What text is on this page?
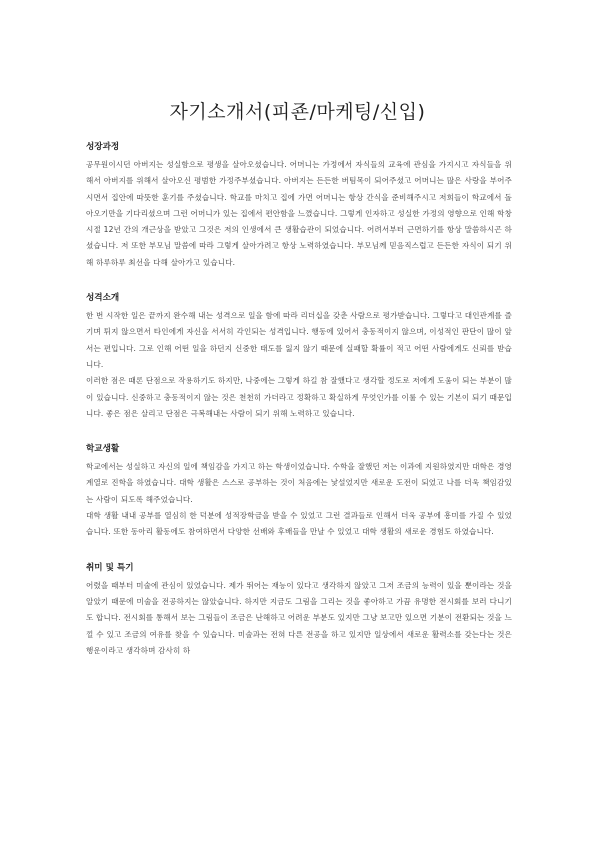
자기소개서(피죤/마케팅/신입)
성장과정

공무원이시던 아버지는 성실함으로 평생을 살아오셨습니다. 어머니는 가정에서 자식들의 교육에 관심을 가지시고 자식들을 위해서 아버지를 위해서 살아오신 평범한 가정주부셨습니다. 아버지는 든든한 버팀목이 되어주셨고 어머니는 많은 사랑을 부어주시면서 집안에 따뜻한 훈기를 주셨습니다. 학교를 마치고 집에 가면 어머니는 항상 간식을 준비해주시고 저희들이 학교에서 돌아오기만을 기다리셨으며 그런 어머니가 있는 집에서 편안함을 느꼈습니다. 그렇게 인자하고 성실한 가정의 영향으로 인해 학창시절 12년 간의 개근상을 받았고 그것은 저의 인생에서 큰 생활습관이 되었습니다. 어려서부터 근면하기를 항상 말씀하시곤 하셨습니다. 저 또한 부모님 말씀에 따라 그렇게 살아가려고 항상 노력하였습니다. 부모님께 믿음직스럽고 든든한 자식이 되기 위해 하루하루 최선을 다해 살아가고 있습니다.

성격소개

한 번 시작한 일은 끝까지 완수해 내는 성격으로 일을 함에 따라 리더십을 갖춘 사람으로 평가받습니다. 그렇다고 대인관계를 즐기며 튀지 않으면서 타인에게 자신을 서서히 각인되는 성격입니다. 행동에 있어서 충동적이지 않으며, 이성적인 판단이 많이 앞서는 편입니다. 그로 인해 어떤 일을 하던지 신중한 태도를 잃지 않기 때문에 실패할 확률이 적고 어떤 사람에게도 신뢰를 받습니다.

이러한 점은 때론 단점으로 작용하기도 하지만, 나중에는 그렇게 하길 참 잘했다고 생각할 정도로 저에게 도움이 되는 부분이 많이 있습니다. 신중하고 충동적이지 않는 것은 천천히 가더라고 정확하고 확실하게 무엇인가를 이룰 수 있는 기본이 되기 때문입니다. 좋은 점은 살리고 단점은 극복해내는 사람이 되기 위해 노력하고 있습니다.

학교생활

학교에서는 성실하고 자신의 일에 책임감을 가지고 하는 학생이었습니다. 수학을 잘했던 저는 이과에 지원하였지만 대학은 경영계열로 진학을 하였습니다. 대학 생활은 스스로 공부하는 것이 처음에는 낯설었지만 새로운 도전이 되었고 나를 더욱 책임감있는 사람이 되도록 해주었습니다.

대학 생활 내내 공부를 열심히 한 덕분에 성적장학금을 받을 수 있었고 그런 결과들로 인해서 더욱 공부에 흥미를 가질 수 있었습니다. 또한 동아리 활동에도 참여하면서 다양한 선배와 후배들을 만날 수 있었고 대학 생활의 새로운 경험도 하였습니다.

취미 및 특기

어렸을 때부터 미술에 관심이 있었습니다. 제가 뛰어는 재능이 있다고 생각하지 않았고 그저 조금의 능력이 있을 뿐이라는 것을 알았기 때문에 미술을 전공하지는 않았습니다. 하지만 지금도 그림을 그리는 것을 좋아하고 가끔 유명한 전시회를 보러 다니기도 합니다. 전시회를 통해서 보는 그림들이 조금은 난해하고 어려운 부분도 있지만 그냥 보고만 있으면 기분이 전환되는 것을 느낄 수 있고 조금의 여유를 찾을 수 있습니다. 미술과는 전혀 다른 전공을 하고 있지만 일상에서 새로운 활력소를 갖는다는 것은 행운이라고 생각하며 감사히 하
